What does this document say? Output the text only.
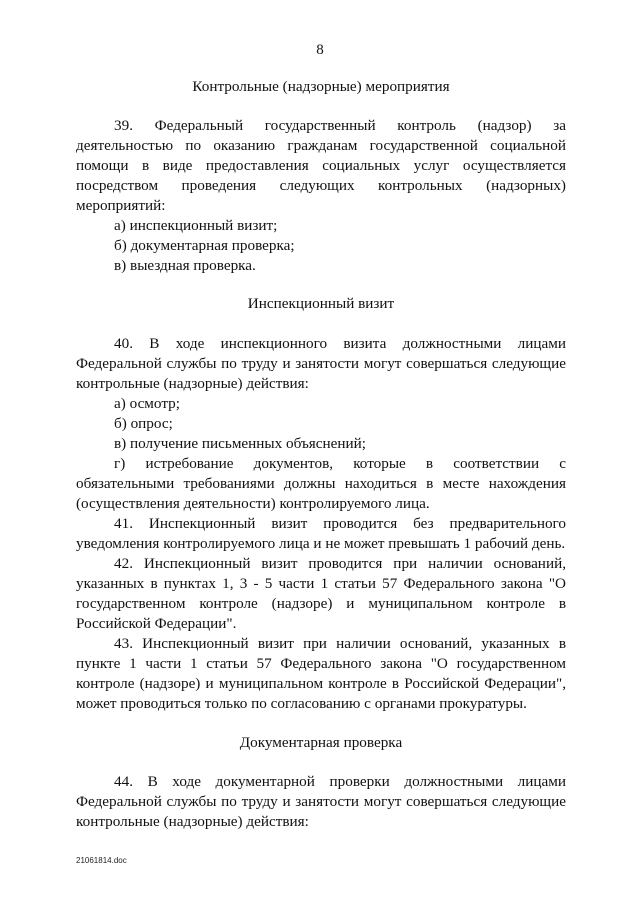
8
Контрольные (надзорные) мероприятия

39. Федеральный государственный контроль (надзор) за деятельностью по оказанию гражданам государственной социальной помощи в виде предоставления социальных услуг осуществляется посредством проведения следующих контрольных (надзорных) мероприятий:

а) инспекционный визит;

б) документарная проверка;

в) выездная проверка.

Инспекционный визит

40. В ходе инспекционного визита должностными лицами Федеральной службы по труду и занятости могут совершаться следующие контрольные (надзорные) действия:

а) осмотр;

б) опрос;

в) получение письменных объяснений;

г) истребование документов, которые в соответствии с обязательными требованиями должны находиться в месте нахождения (осуществления деятельности) контролируемого лица.

41. Инспекционный визит проводится без предварительного уведомления контролируемого лица и не может превышать 1 рабочий день.

42. Инспекционный визит проводится при наличии оснований, указанных в пунктах 1, 3 - 5 части 1 статьи 57 Федерального закона "О государственном контроле (надзоре) и муниципальном контроле в Российской Федерации".

43. Инспекционный визит при наличии оснований, указанных в пункте 1 части 1 статьи 57 Федерального закона "О государственном контроле (надзоре) и муниципальном контроле в Российской Федерации", может проводиться только по согласованию с органами прокуратуры.

Документарная проверка

44. В ходе документарной проверки должностными лицами Федеральной службы по труду и занятости могут совершаться следующие контрольные (надзорные) действия:

21061814.doc
